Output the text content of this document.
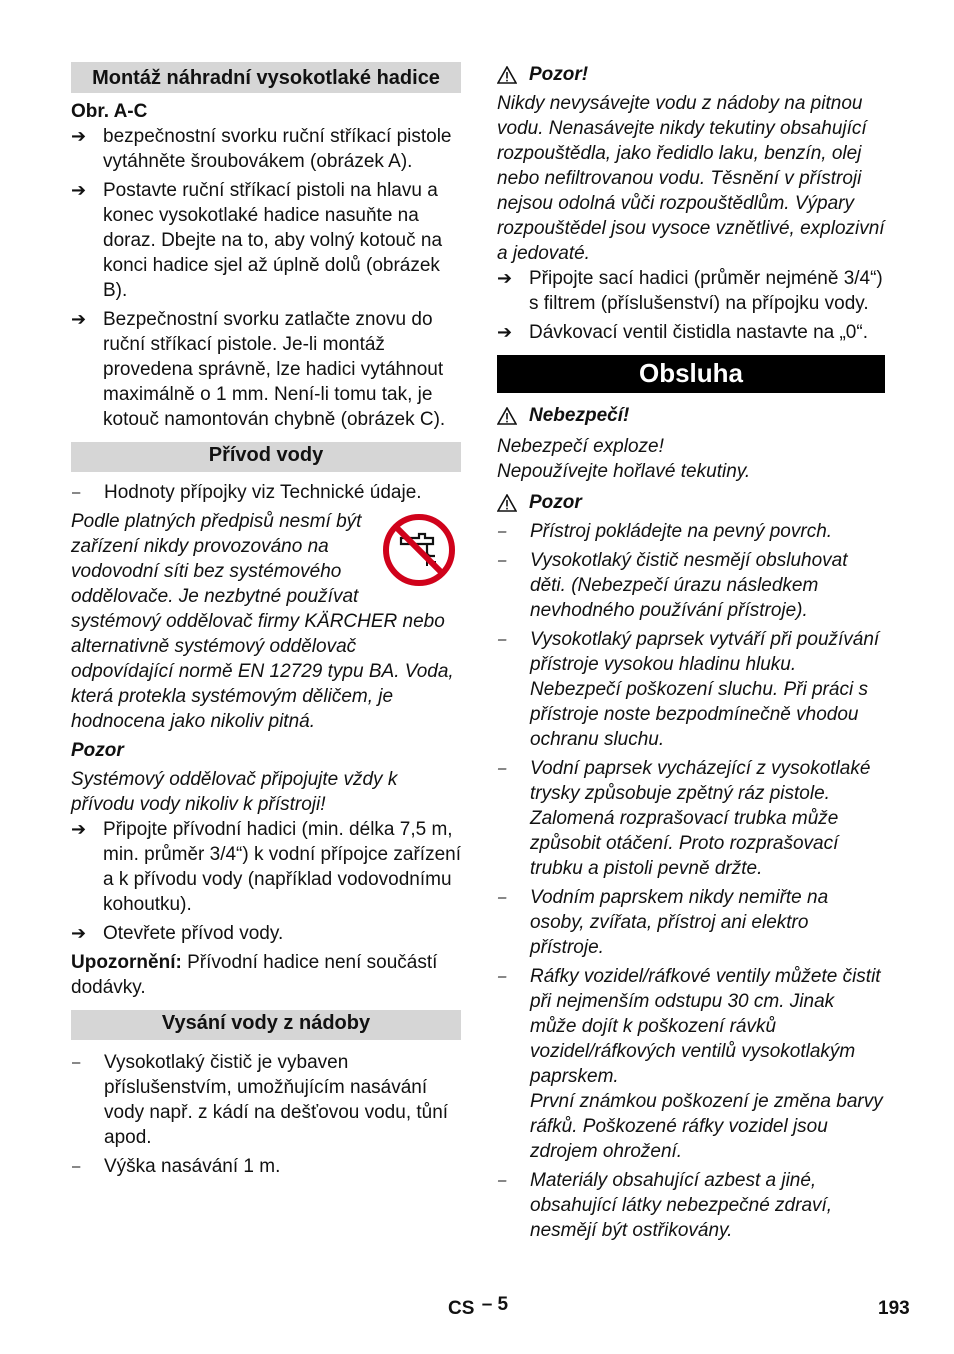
Montáž náhradní vysokotlaké hadice

Obr. A-C

➔ bezpečnostní svorku ruční stříkací pistole vytáhněte šroubovákem (obrázek A).
➔ Postavte ruční stříkací pistoli na hlavu a konec vysokotlaké hadice nasuňte na doraz. Dbejte na to, aby volný kotouč na konci hadice sjel až úplně dolů (obrázek B).
➔ Bezpečnostní svorku zatlačte znovu do ruční stříkací pistole. Je-li montáž provedena správně, lze hadici vytáhnout maximálně o 1 mm. Není-li tomu tak, je kotouč namontován chybně (obrázek C).
Přívod vody
–	Hodnoty přípojky viz Technické údaje.

Podle platných předpisů nesmí být zařízení nikdy provozováno na vodovodní síti bez systémového oddělovače. Je nezbytné používat systémový oddělovač firmy KÄRCHER nebo alternativně systémový oddělovač odpovídající normě EN 12729 typu BA. Voda, která protekla systémovým děličem, je hodnocena jako nikoliv pitná.

Pozor

Systémový oddělovač připojujte vždy k přívodu vody nikoliv k přístroji!

➔ Připojte přívodní hadici (min. délka 7,5 m, min. průměr 3/4“) k vodní přípojce zařízení a k přívodu vody (například vodovodnímu kohoutku).
➔ Otevřete přívod vody.

Upozornění: Přívodní hadice není součástí dodávky.

Vysání vody z nádoby
–	Vysokotlaký čistič je vybaven příslušenstvím, umožňujícím nasávání vody např. z kádí na dešťovou vodu, tůní apod.
–	Výška nasávání 1 m.
Pozor!

Nikdy nevysávejte vodu z nádoby na pitnou vodu. Nenasávejte nikdy tekutiny obsahující rozpouštědla, jako ředidlo laku, benzín, olej nebo nefiltrovanou vodu. Těsnění v přístroji nejsou odolná vůči rozpouštědlům. Výpary rozpouštědel jsou vysoce vznětlivé, explozivní a jedovaté.

➔ Připojte sací hadici (průměr nejméně 3/4“) s filtrem (příslušenství) na přípojku vody.
➔ Dávkovací ventil čistidla nastavte na „0“.
Obsluha
Nebezpečí!

Nebezpečí exploze!

Nepoužívejte hořlavé tekutiny.

Pozor
–	Přístroj pokládejte na pevný povrch.
–	Vysokotlaký čistič nesmějí obsluhovat děti. (Nebezpečí úrazu následkem nevhodného používání přístroje).
–	Vysokotlaký paprsek vytváří při používání přístroje vysokou hladinu hluku. Nebezpečí poškození sluchu. Při práci s přístroje noste bezpodmínečně vhodou ochranu sluchu.
–	Vodní paprsek vycházející z vysokotlaké trysky způsobuje zpětný ráz pistole. Zalomená rozprašovací trubka může způsobit otáčení. Proto rozprašovací trubku a pistoli pevně držte.
–	Vodním paprskem nikdy nemiřte na osoby, zvířata, přístroj ani elektro přístroje.
–	Ráfky vozidel/ráfkové ventily můžete čistit při nejmenším odstupu 30 cm. Jinak může dojít k poškození rávků vozidel/ráfkových ventilů vysokotlakým paprskem.
První známkou poškození je změna barvy ráfků. Poškozené ráfky vozidel jsou zdrojem ohrožení.
–	Materiály obsahující azbest a jiné, obsahující látky nebezpečné zdraví, nesmějí být ostřikovány.
CS – 5	193
